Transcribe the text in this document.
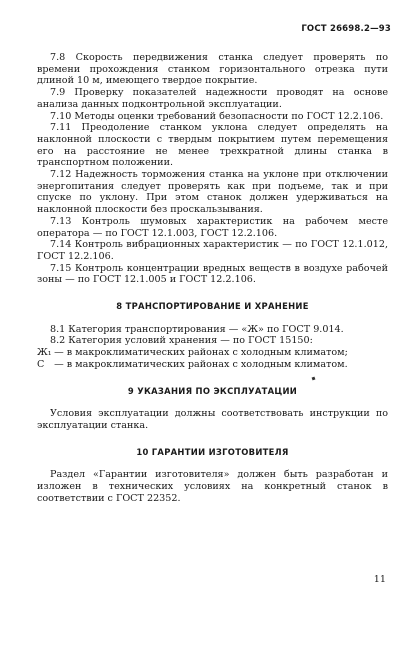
ГОСТ 26698.2—93

7.8 Скорость передвижения станка следует проверять по времени прохождения станком горизонтального отрезка пути длиной 10 м, имеющего твердое покрытие.

7.9 Проверку показателей надежности проводят на основе анализа данных подконтрольной эксплуатации.

7.10 Методы оценки требований безопасности по ГОСТ 12.2.106.

7.11 Преодоление станком уклона следует определять на наклонной плоскости с твердым покрытием путем перемещения его на расстояние не менее трехкратной длины станка в транспортном положении.

7.12 Надежность торможения станка на уклоне при отключении энергопитания следует проверять как при подъеме, так и при спуске по уклону. При этом станок должен удерживаться на наклонной плоскости без проскальзывания.

7.13 Контроль шумовых характеристик на рабочем месте оператора — по ГОСТ 12.1.003, ГОСТ 12.2.106.

7.14 Контроль вибрационных характеристик — по ГОСТ 12.1.012, ГОСТ 12.2.106.

7.15 Контроль концентрации вредных веществ в воздухе рабочей зоны — по ГОСТ 12.1.005 и ГОСТ 12.2.106.

8 ТРАНСПОРТИРОВАНИЕ И ХРАНЕНИЕ

8.1 Категория транспортирования — «Ж» по ГОСТ 9.014.

8.2 Категория условий хранения — по ГОСТ 15150:

Ж₁ — в макроклиматических районах с холодным климатом;

С — в макроклиматических районах с холодным климатом.

9 УКАЗАНИЯ ПО ЭКСПЛУАТАЦИИ

Условия эксплуатации должны соответствовать инструкции по эксплуатации станка.

10 ГАРАНТИИ ИЗГОТОВИТЕЛЯ

Раздел «Гарантии изготовителя» должен быть разработан и изложен в технических условиях на конкретный станок в соответствии с ГОСТ 22352.

11
